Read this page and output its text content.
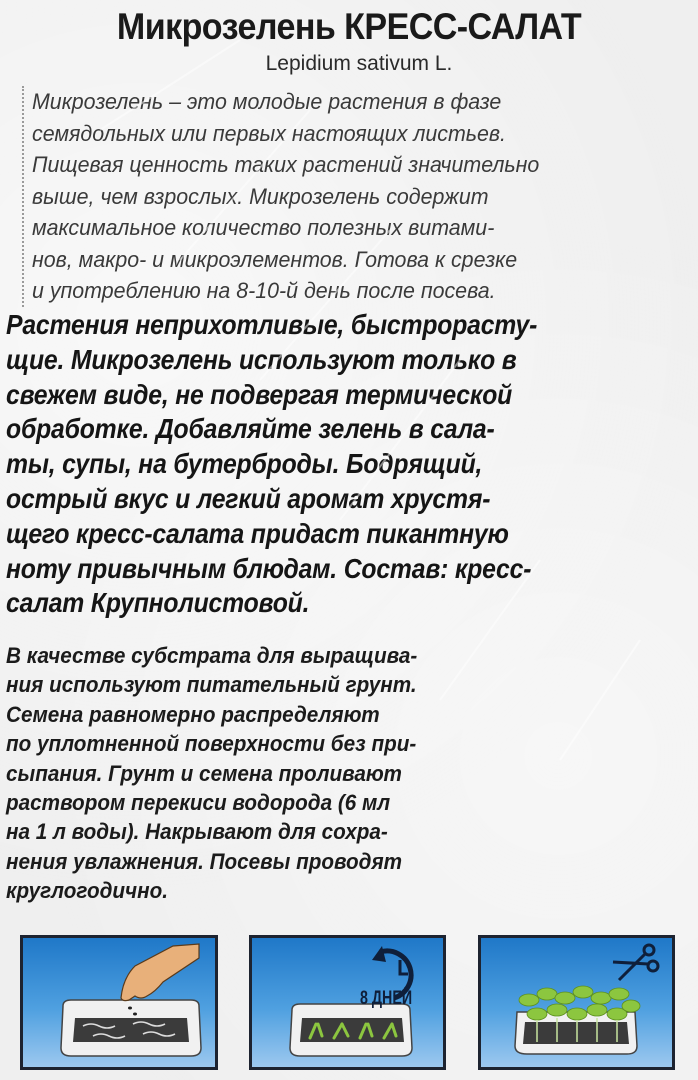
Микрозелень КРЕСС-САЛАТ
Lepidium sativum L.
Микрозелень – это молодые растения в фазе
семядольных или первых настоящих листьев.
Пищевая ценность таких растений значительно
выше, чем взрослых. Микрозелень содержит
максимальное количество полезных витами-
нов, макро- и микроэлементов. Готова к срезке
и употреблению на 8-10-й день после посева.
Растения неприхотливые, быстрорасту-
щие. Микрозелень используют только в
свежем виде, не подвергая термической
обработке. Добавляйте зелень в сала-
ты, супы, на бутерброды. Бодрящий,
острый вкус и легкий аромат хрустя-
щего кресс-салата придаст пикантную
ноту привычным блюдам. Состав: кресс-
салат Крупнолистовой.
В качестве субстрата для выращива-
ния используют питательный грунт.
Семена равномерно распределяют
по уплотненной поверхности без при-
сыпания. Грунт и семена проливают
раствором перекиси водорода (6 мл
на 1 л воды). Накрывают для сохра-
нения увлажнения. Посевы проводят
круглогодично.
8 ДНЕЙ
